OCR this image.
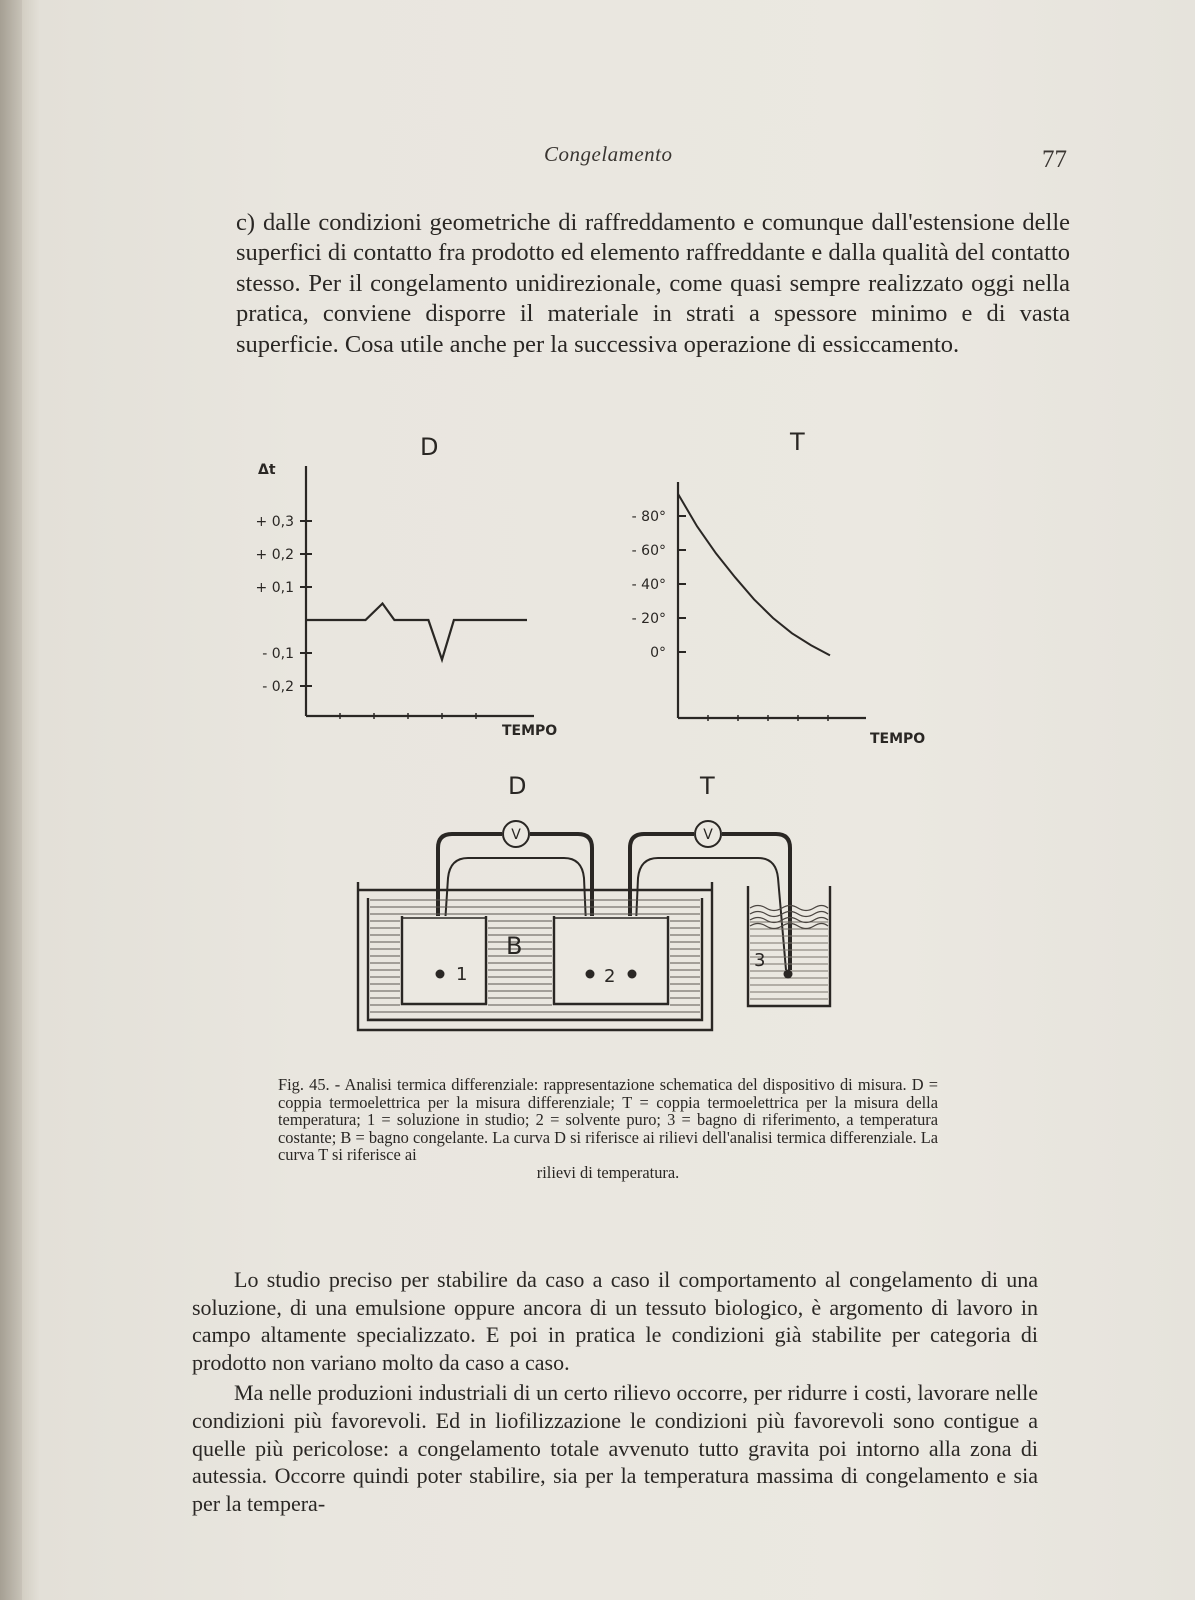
Congelamento	77
c) dalle condizioni geometriche di raffreddamento e comunque dall'estensione delle superfici di contatto fra prodotto ed elemento raffreddante e dalla qualità del contatto stesso. Per il congelamento unidirezionale, come quasi sempre realizzato oggi nella pratica, conviene disporre il materiale in strati a spessore minimo e di vasta superficie. Cosa utile anche per la successiva operazione di essiccamento.
+ 0,3
+ 0,2
+ 0,1
- 0,1
- 0,2
- 80°
- 60°
- 40°
- 20°
0°
D	T
Δt
TEMPO	TEMPO
D	T
V	V
B
1	2
3
Fig. 45. - Analisi termica differenziale: rappresentazione schematica del dispositivo di misura. D = coppia termoelettrica per la misura differenziale; T = coppia termoelettrica per la misura della temperatura; 1 = soluzione in studio; 2 = solvente puro; 3 = bagno di riferimento, a temperatura costante; B = bagno congelante. La curva D si riferisce ai rilievi dell'analisi termica differenziale. La curva T si riferisce ai
rilievi di temperatura.

Lo studio preciso per stabilire da caso a caso il comportamento al congelamento di una soluzione, di una emulsione oppure ancora di un tessuto biologico, è argomento di lavoro in campo altamente specializzato. E poi in pratica le condizioni già stabilite per categoria di prodotto non variano molto da caso a caso.

Ma nelle produzioni industriali di un certo rilievo occorre, per ridurre i costi, lavorare nelle condizioni più favorevoli. Ed in liofilizzazione le condizioni più favorevoli sono contigue a quelle più pericolose: a congelamento totale avvenuto tutto gravita poi intorno alla zona di autessia. Occorre quindi poter stabilire, sia per la temperatura massima di congelamento e sia per la tempera-
